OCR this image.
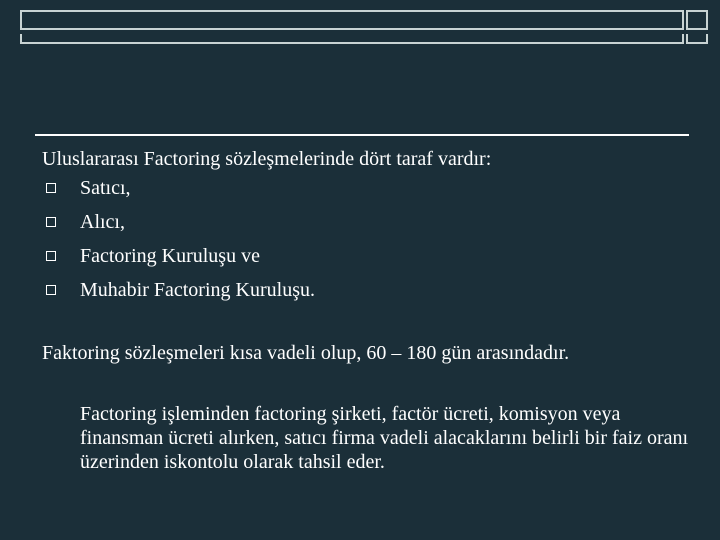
Uluslararası Factoring sözleşmelerinde dört taraf vardır:

Satıcı,
Alıcı,
Factoring Kuruluşu ve
Muhabir Factoring Kuruluşu.

Faktoring sözleşmeleri kısa vadeli olup, 60 – 180 gün arasındadır.

Factoring işleminden factoring şirketi, factör ücreti, komisyon veya finansman ücreti alırken, satıcı firma vadeli alacaklarını belirli bir faiz oranı üzerinden iskontolu olarak tahsil eder.
